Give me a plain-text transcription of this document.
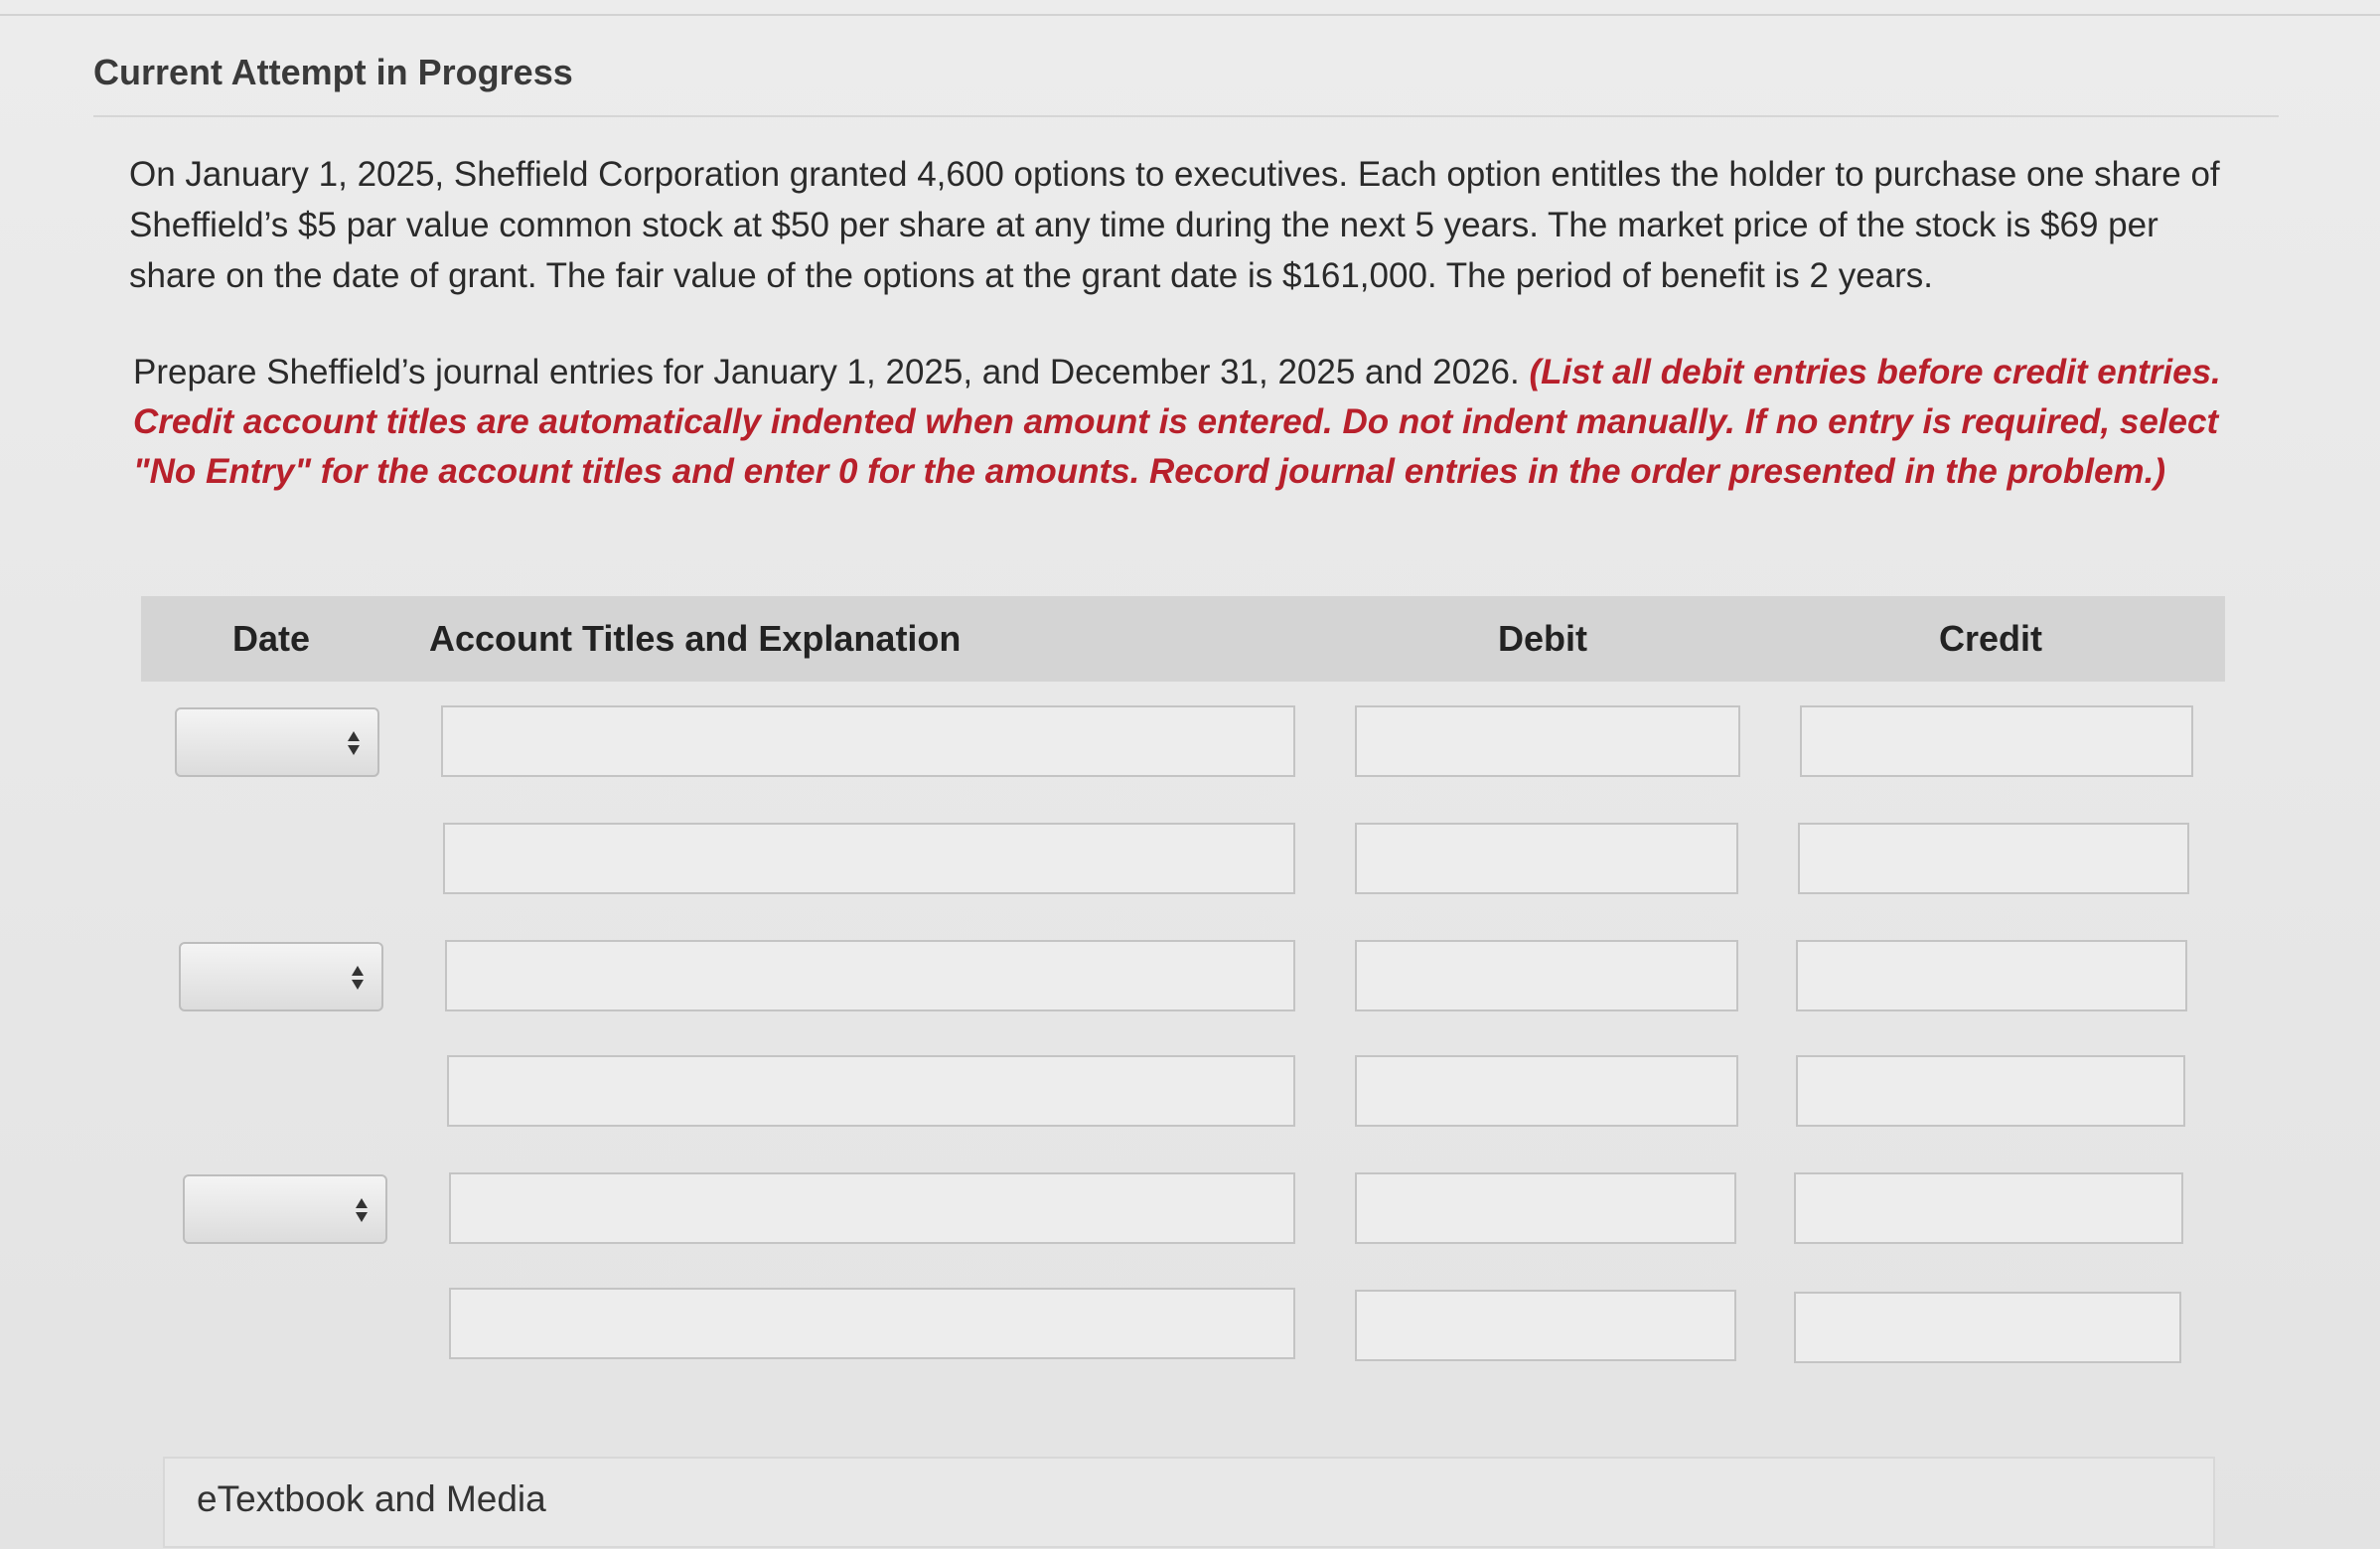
Current Attempt in Progress
On January 1, 2025, Sheffield Corporation granted 4,600 options to executives. Each option entitles the holder to purchase one share of Sheffield’s $5 par value common stock at $50 per share at any time during the next 5 years. The market price of the stock is $69 per share on the date of grant. The fair value of the options at the grant date is $161,000. The period of benefit is 2 years.
Prepare Sheffield’s journal entries for January 1, 2025, and December 31, 2025 and 2026. (List all debit entries before credit entries. Credit account titles are automatically indented when amount is entered. Do not indent manually. If no entry is required, select "No Entry" for the account titles and enter 0 for the amounts. Record journal entries in the order presented in the problem.)
Date	Account Titles and Explanation	Debit	Credit
eTextbook and Media
